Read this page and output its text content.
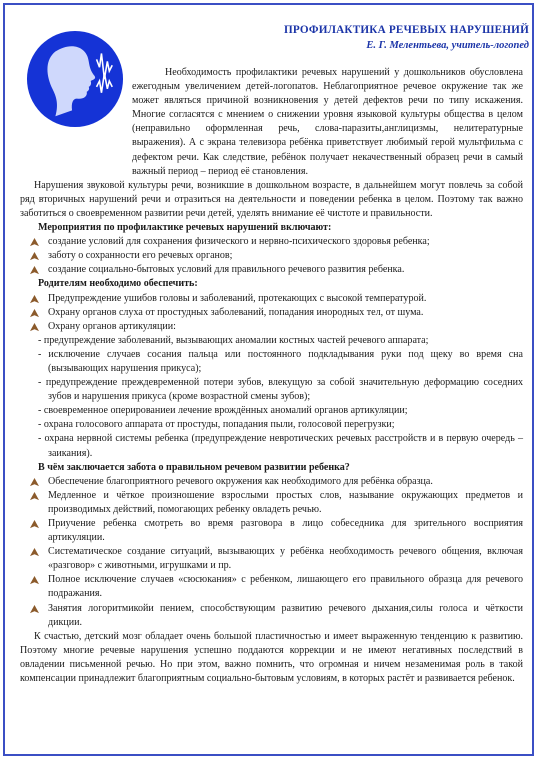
ПРОФИЛАКТИКА РЕЧЕВЫХ НАРУШЕНИЙ
Е. Г. Мелентьева, учитель-логопед

Необходимость профилактики речевых нарушений у дошкольников обусловлена ежегодным увеличением детей-логопатов. Неблагоприятное речевое окружение так же может являться причиной возникновения у детей дефектов речи по типу искажения. Многие согласятся с мнением о снижении уровня языковой культуры общества в целом (неправильно оформленная речь, слова-паразиты,англицизмы, нелитературные выражения). А с экрана телевизора ребёнка приветствует любимый герой мультфильма с дефектом речи. Как следствие, ребёнок получает некачественный образец речи в самый важный период – период её становления.

Нарушения звуковой культуры речи, возникшие в дошкольном возрасте, в дальнейшем могут повлечь за собой ряд вторичных нарушений речи и отразиться на деятельности и поведении ребенка в целом. Поэтому так важно заботиться о своевременном развитии речи детей, уделять внимание её чистоте и правильности.

Мероприятия по профилактике речевых нарушений включают:

создание условий для сохранения физического и нервно-психического здоровья ребенка;
заботу о сохранности его речевых органов;
создание социально-бытовых условий для правильного речевого развития ребенка.

Родителям необходимо обеспечить:

Предупреждение ушибов головы и заболеваний, протекающих с высокой температурой.
Охрану органов слуха от простудных заболеваний, попадания инородных тел, от шума.
Охрану органов артикуляции:

- предупреждение заболеваний, вызывающих аномалии костных частей речевого аппарата;

- исключение случаев сосания пальца или постоянного подкладывания руки под щеку во время сна (вызывающих нарушения прикуса);

- предупреждение преждевременной потери зубов, влекущую за собой значительную деформацию соседних зубов и нарушения прикуса (кроме возрастной смены зубов);

- своевременное оперированиеи лечение врождённых аномалий органов артикуляции;

- охрана голосового аппарата от простуды, попадания пыли, голосовой перегрузки;

- охрана нервной системы ребенка (предупреждение невротических речевых расстройств и в первую очередь – заикания).

В чём заключается забота о правильном речевом развитии ребенка?

Обеспечение благоприятного речевого окружения как необходимого для ребёнка образца.
Медленное и чёткое произношение взрослыми простых слов, называние окружающих предметов и производимых действий, помогающих ребенку овладеть речью.
Приучение ребенка смотреть во время разговора в лицо собеседника для зрительного восприятия артикуляции.
Систематическое создание ситуаций, вызывающих у ребёнка необходимость речевого общения, включая «разговор» с животными, игрушками и пр.
Полное исключение случаев «сюсюкания» с ребенком, лишающего его правильного образца для речевого подражания.
Занятия логоритмикойи пением, способствующим развитию речевого дыхания,силы голоса и чёткости дикции.

К счастью, детский мозг обладает очень большой пластичностью и имеет выраженную тенденцию к развитию. Поэтому многие речевые нарушения успешно поддаются коррекции и не имеют негативных последствий в овладении письменной речью. Но при этом, важно помнить, что огромная и ничем незаменимая роль в такой компенсации принадлежит благоприятным социально-бытовым условиям, в которых растёт и развивается ребенок.
